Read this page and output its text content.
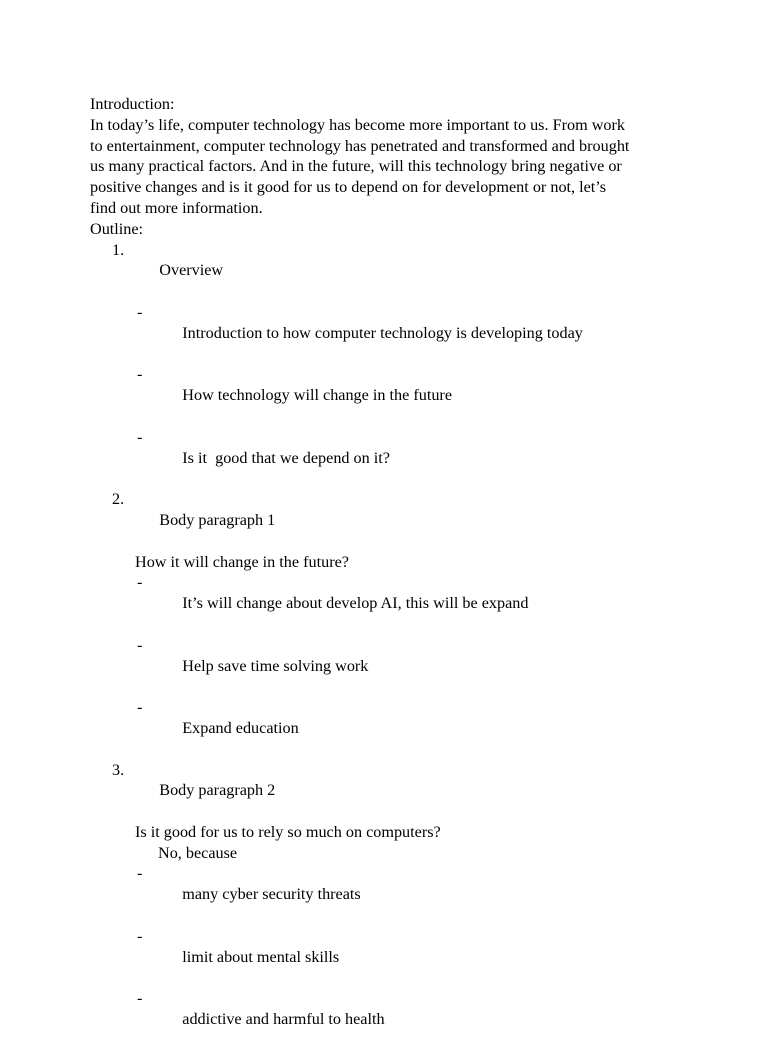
Introduction:

In today’s life, computer technology has become more important to us. From work

to entertainment, computer technology has penetrated and transformed and brought

us many practical factors. And in the future, will this technology bring negative or

positive changes and is it good for us to depend on for development or not, let’s

find out more information.

Outline:

1.
Overview

-
Introduction to how computer technology is developing today

-
How technology will change in the future

-
Is it  good that we depend on it?

2.
Body paragraph 1

How it will change in the future?

-
It’s will change about develop AI, this will be expand

-
Help save time solving work

-
Expand education

3.
Body paragraph 2

Is it good for us to rely so much on computers?

No, because

-
many cyber security threats

-
limit about mental skills

-
addictive and harmful to health
